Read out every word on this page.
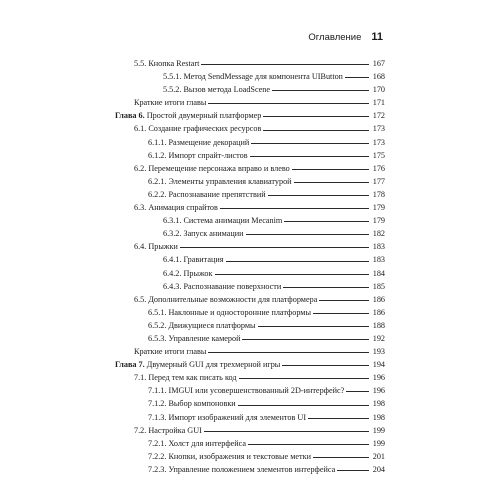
Оглавление 11
5.5. Кнопка Restart	167
5.5.1. Метод SendMessage для компонента UIButton	168
5.5.2. Вызов метода LoadScene	170
Краткие итоги главы	171
Глава 6. Простой двумерный платформер	172
6.1. Создание графических ресурсов	173
6.1.1. Размещение декораций	173
6.1.2. Импорт спрайт-листов	175
6.2. Перемещение персонажа вправо и влево	176
6.2.1. Элементы управления клавиатурой	177
6.2.2. Распознавание препятствий	178
6.3. Анимация спрайтов	179
6.3.1. Система анимации Mecanim	179
6.3.2. Запуск анимации	182
6.4. Прыжки	183
6.4.1. Гравитация	183
6.4.2. Прыжок	184
6.4.3. Распознавание поверхности	185
6.5. Дополнительные возможности для платформера	186
6.5.1. Наклонные и односторонние платформы	186
6.5.2. Движущиеся платформы	188
6.5.3. Управление камерой	192
Краткие итоги главы	193
Глава 7. Двумерный GUI для трехмерной игры	194
7.1. Перед тем как писать код	196
7.1.1. IMGUI или усовершенствованный 2D-интерфейс?	196
7.1.2. Выбор компоновки	198
7.1.3. Импорт изображений для элементов UI	198
7.2. Настройка GUI	199
7.2.1. Холст для интерфейса	199
7.2.2. Кнопки, изображения и текстовые метки	201
7.2.3. Управление положением элементов интерфейса	204
